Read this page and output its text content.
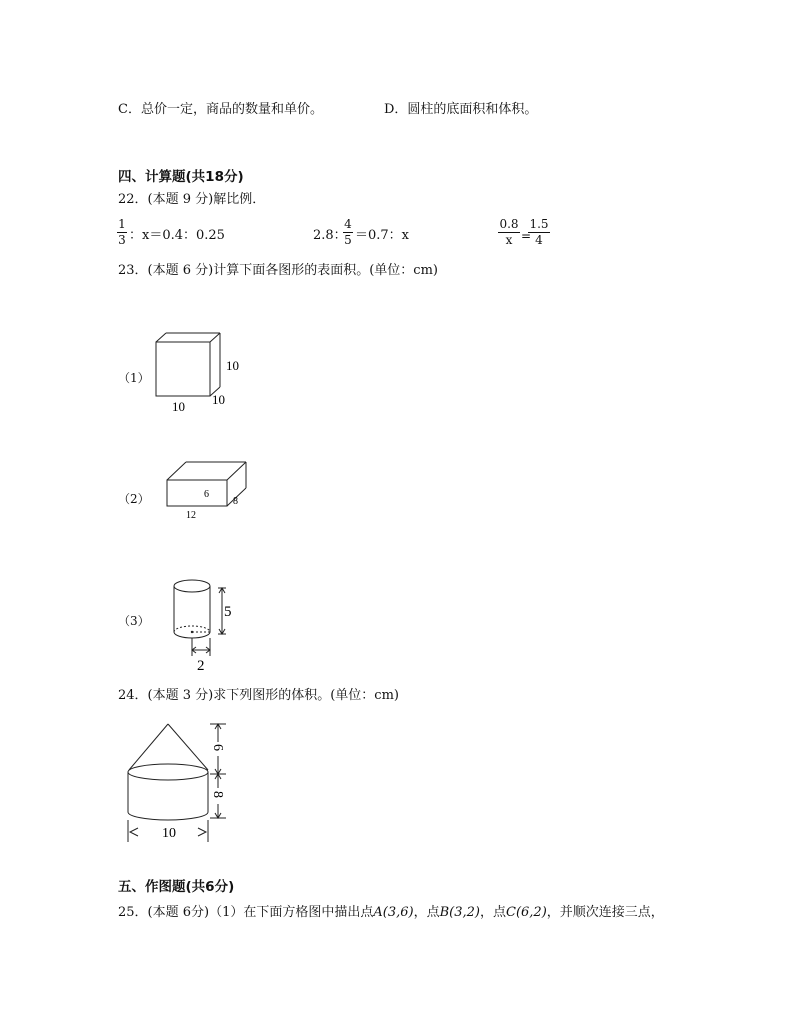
C．总价一定，商品的数量和单价。	D．圆柱的底面积和体积。
四、计算题(共18分)
22．(本题 9 分)解比例．
1
3 ：x＝0.4：0.25	2.8：
4
5 ＝0.7：x
0.8
x =
1.5
4
23．(本题 6 分)计算下面各图形的表面积。(单位：cm)
（1）
10
10 10
（2）	6
8
12
（3）
5
2
24．(本题 3 分)求下列图形的体积。(单位：cm)
6
8
10
五、作图题(共6分)
25．(本题 6分)（1）在下面方格图中描出点A(3,6)，点B(3,2)，点C(6,2)，并顺次连接三点，
